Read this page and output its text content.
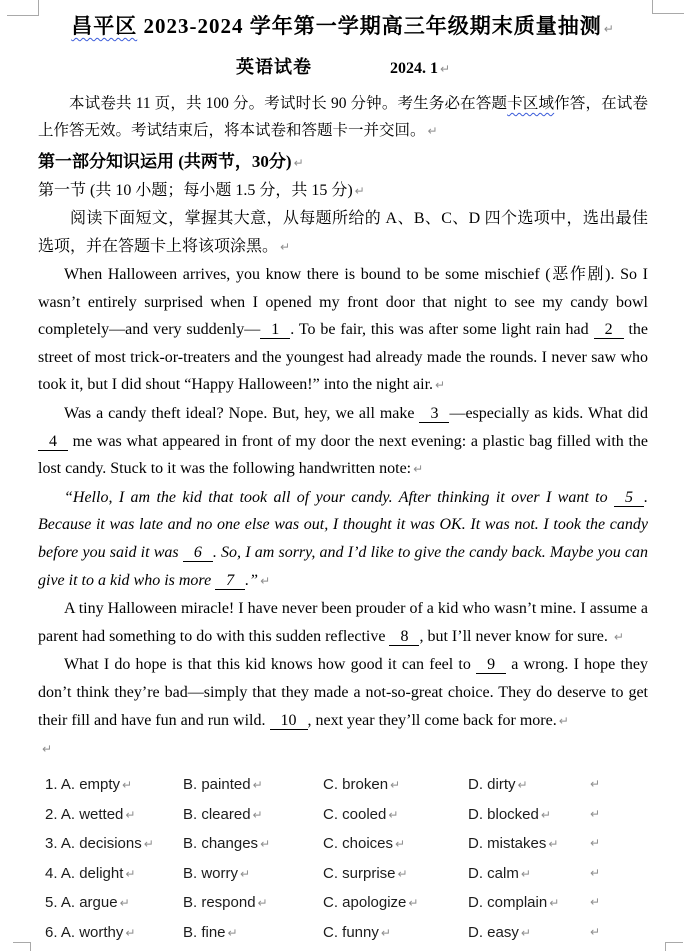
昌平区 2023-2024 学年第一学期高三年级期末质量抽测 ↵
英语试卷	2024. 1 ↵

本试卷共 11 页，共 100 分。考试时长 90 分钟。考生务必在答题卡区域作答，在试卷上作答无效。考试结束后，将本试卷和答题卡一并交回。 ↵

第一部分知识运用 (共两节，30分) ↵
第一节 (共 10 小题；每小题 1.5 分，共 15 分) ↵

阅读下面短文，掌握其大意，从每题所给的 A、B、C、D 四个选项中，选出最佳选项，并在答题卡上将该项涂黑。 ↵

When Halloween arrives, you know there is bound to be some mischief (恶作剧). So I wasn’t entirely surprised when I opened my front door that night to see my candy bowl completely—and very suddenly— 1 . To be fair, this was after some light rain had 2 the street of most trick-or-treaters and the youngest had already made the rounds. I never saw who took it, but I did shout “Happy Halloween!” into the night air. ↵

Was a candy theft ideal? Nope. But, hey, we all make 3 —especially as kids. What did 4 me was what appeared in front of my door the next evening: a plastic bag filled with the lost candy. Stuck to it was the following handwritten note: ↵

“Hello, I am the kid that took all of your candy. After thinking it over I want to 5 . Because it was late and no one else was out, I thought it was OK. It was not. I took the candy before you said it was 6 . So, I am sorry, and I’d like to give the candy back. Maybe you can give it to a kid who is more 7 .” ↵

A tiny Halloween miracle! I have never been prouder of a kid who wasn’t mine. I assume a parent had something to do with this sudden reflective 8 , but I’ll never know for sure. ↵

What I do hope is that this kid knows how good it can feel to 9 a wrong. I hope they don’t think they’re bad—simply that they made a not-so-great choice. They do deserve to get their fill and have fun and run wild. 10 , next year they’ll come back for more. ↵

↵
1. A. empty ↵	B. painted ↵	C. broken ↵	D. dirty ↵	↵
2. A. wetted ↵	B. cleared ↵	C. cooled ↵	D. blocked ↵	↵
3. A. decisions ↵	B. changes ↵	C. choices ↵	D. mistakes ↵	↵
4. A. delight ↵	B. worry ↵	C. surprise ↵	D. calm ↵	↵
5. A. argue ↵	B. respond ↵	C. apologize ↵	D. complain ↵	↵
6. A. worthy ↵	B. fine ↵	C. funny ↵	D. easy ↵	↵
